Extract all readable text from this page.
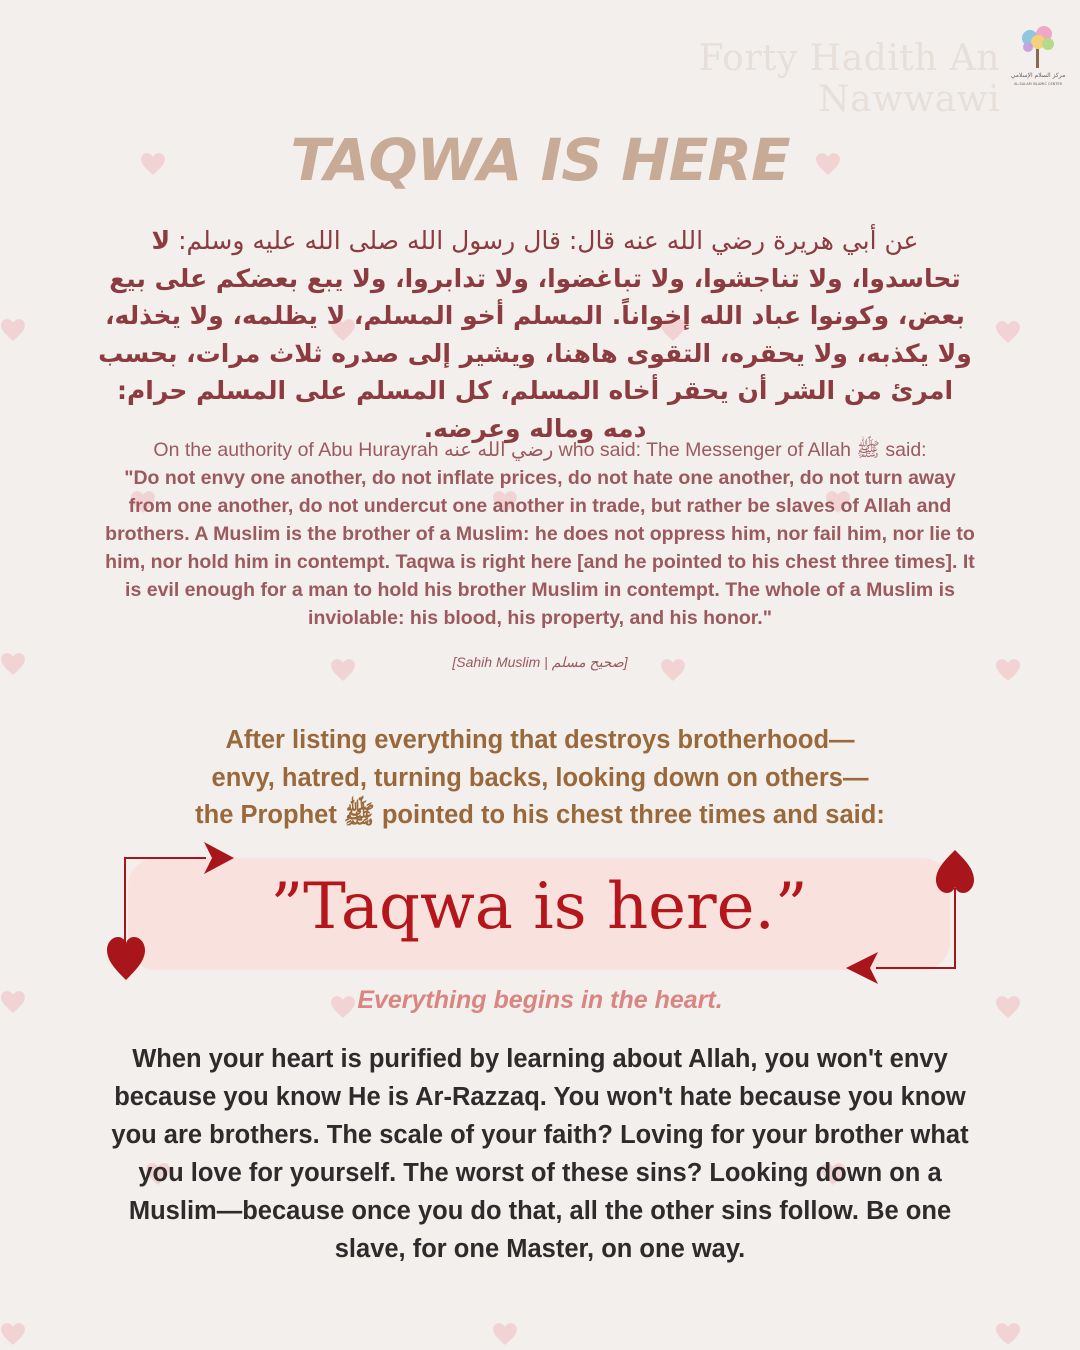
Forty Hadith An Nawwawi
مركز السلام الإسلامي
AL-SALAM ISLAMIC CENTER
TAQWA IS HERE
عن أبي هريرة رضي الله عنه قال: قال رسول الله صلى الله عليه وسلم: لا تحاسدوا، ولا تناجشوا، ولا تباغضوا، ولا تدابروا، ولا يبع بعضكم على بيع بعض، وكونوا عباد الله إخواناً. المسلم أخو المسلم، لا يظلمه، ولا يخذله، ولا يكذبه، ولا يحقره، التقوى هاهنا، ويشير إلى صدره ثلاث مرات، بحسب امرئ من الشر أن يحقر أخاه المسلم، كل المسلم على المسلم حرام: دمه وماله وعرضه.
On the authority of Abu Hurayrah رضي الله عنه who said: The Messenger of Allah ﷺ said:
"Do not envy one another, do not inflate prices, do not hate one another, do not turn away from one another, do not undercut one another in trade, but rather be slaves of Allah and brothers. A Muslim is the brother of a Muslim: he does not oppress him, nor fail him, nor lie to him, nor hold him in contempt. Taqwa is right here [and he pointed to his chest three times]. It is evil enough for a man to hold his brother Muslim in contempt. The whole of a Muslim is inviolable: his blood, his property, and his honor."
[Sahih Muslim | صحيح مسلم]
After listing everything that destroys brotherhood—
envy, hatred, turning backs, looking down on others—
the Prophet ﷺ pointed to his chest three times and said:
”Taqwa is here.”
Everything begins in the heart.
When your heart is purified by learning about Allah, you won't envy because you know He is Ar-Razzaq. You won't hate because you know you are brothers. The scale of your faith? Loving for your brother what you love for yourself. The worst of these sins? Looking down on a Muslim—because once you do that, all the other sins follow. Be one slave, for one Master, on one way.
